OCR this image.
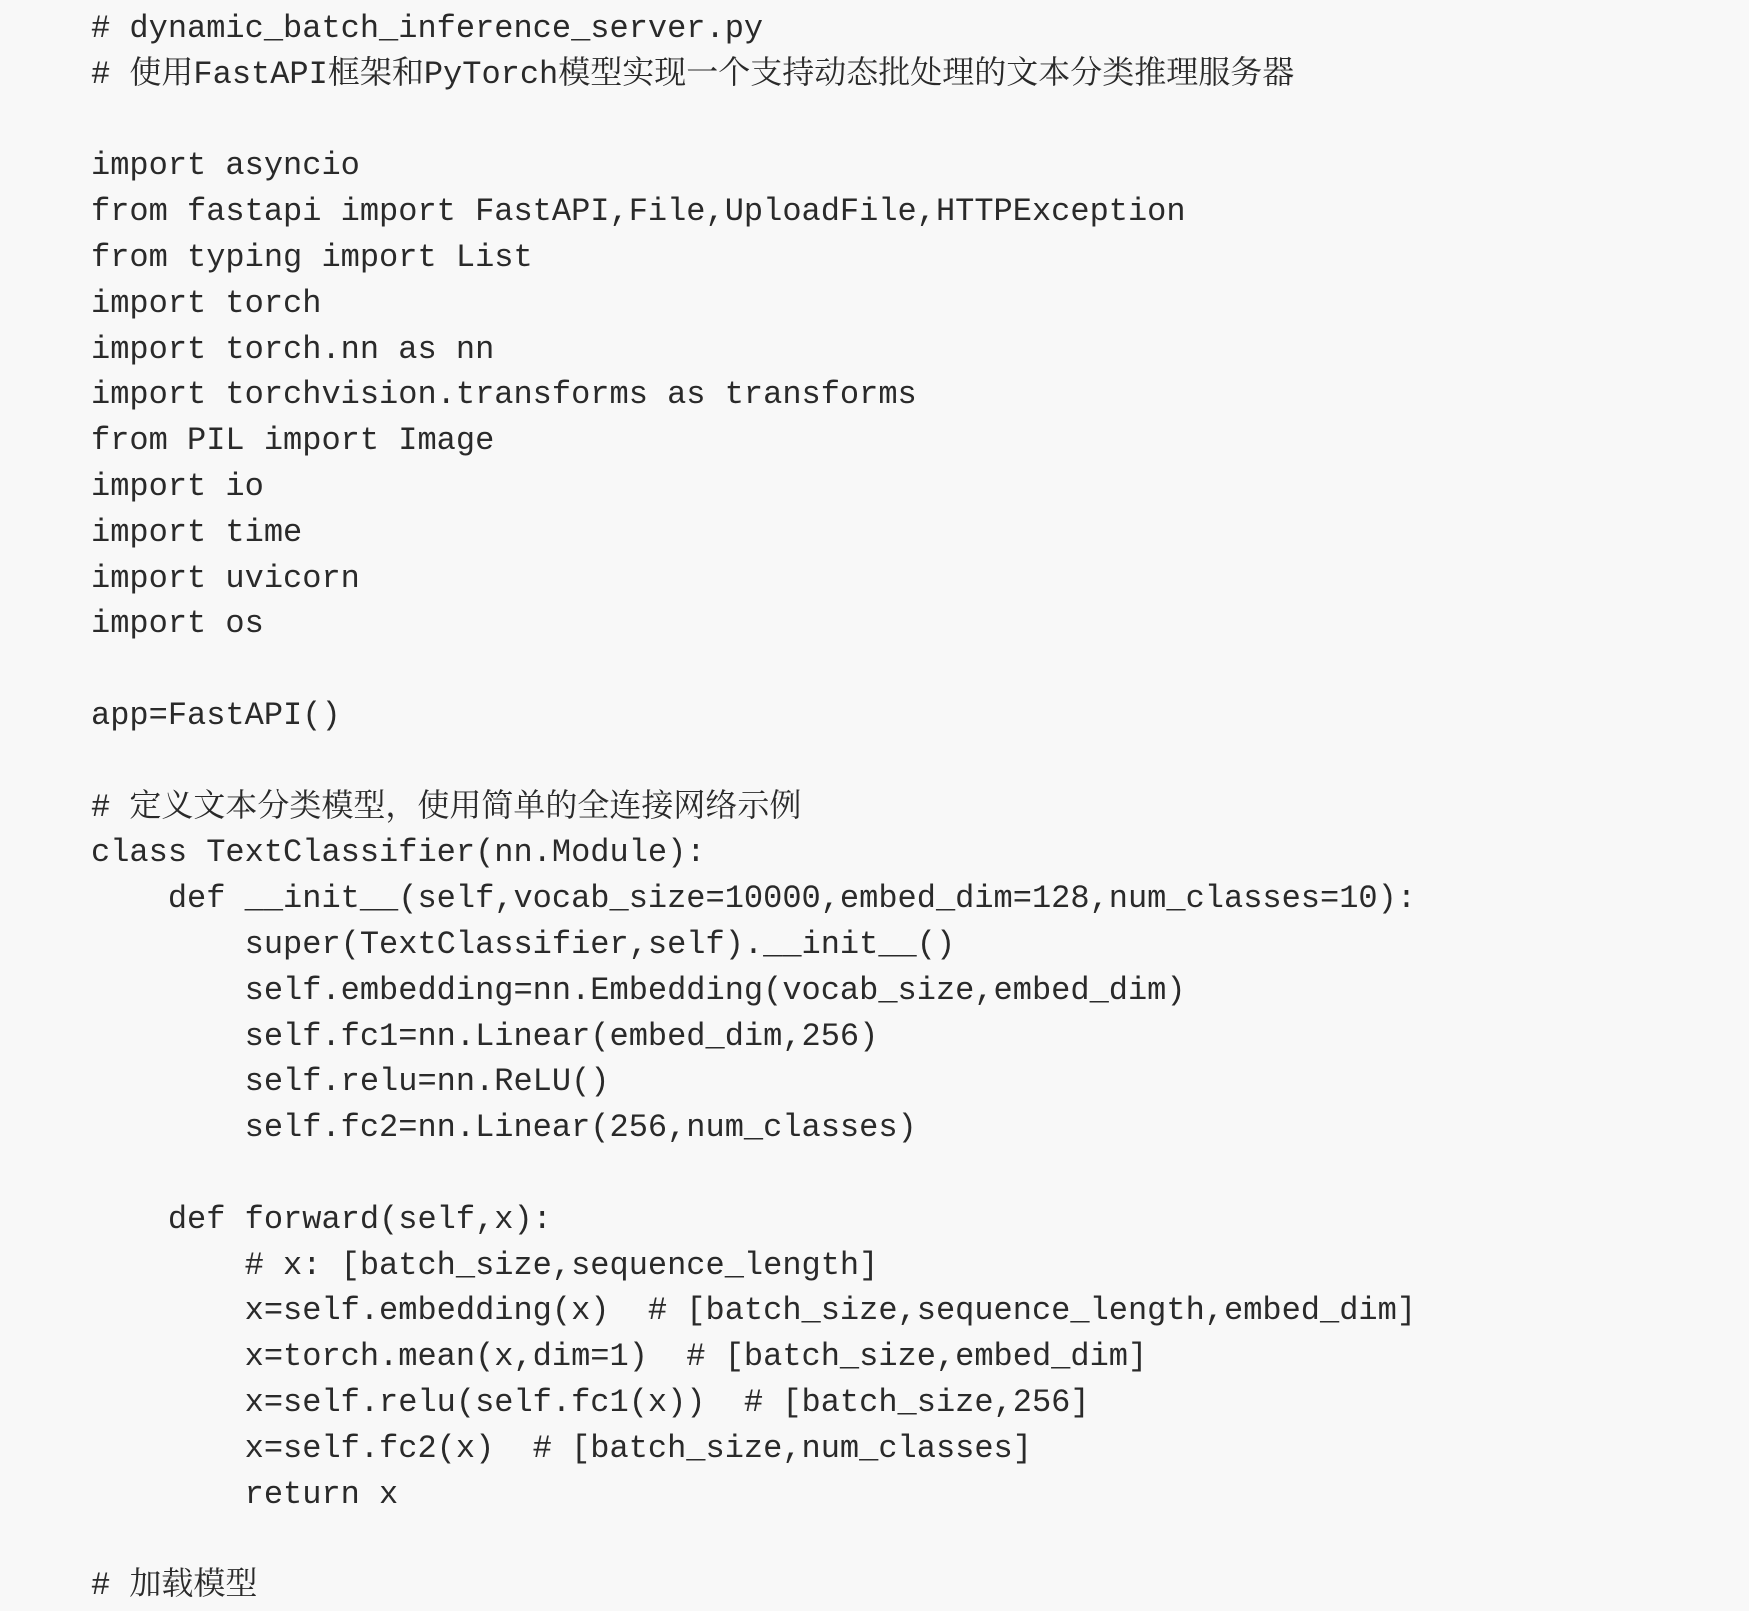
# dynamic_batch_inference_server.py
# 使用FastAPI框架和PyTorch模型实现一个支持动态批处理的文本分类推理服务器
import asyncio
from fastapi import FastAPI,File,UploadFile,HTTPException
from typing import List
import torch
import torch.nn as nn
import torchvision.transforms as transforms
from PIL import Image
import io
import time
import uvicorn
import os
app=FastAPI()
# 定义文本分类模型，使用简单的全连接网络示例
class TextClassifier(nn.Module):
def __init__(self,vocab_size=10000,embed_dim=128,num_classes=10):
super(TextClassifier,self).__init__()
self.embedding=nn.Embedding(vocab_size,embed_dim)
self.fc1=nn.Linear(embed_dim,256)
self.relu=nn.ReLU()
self.fc2=nn.Linear(256,num_classes)
def forward(self,x):
# x: [batch_size,sequence_length]
x=self.embedding(x)  # [batch_size,sequence_length,embed_dim]
x=torch.mean(x,dim=1)  # [batch_size,embed_dim]
x=self.relu(self.fc1(x))  # [batch_size,256]
x=self.fc2(x)  # [batch_size,num_classes]
return x
# 加载模型
